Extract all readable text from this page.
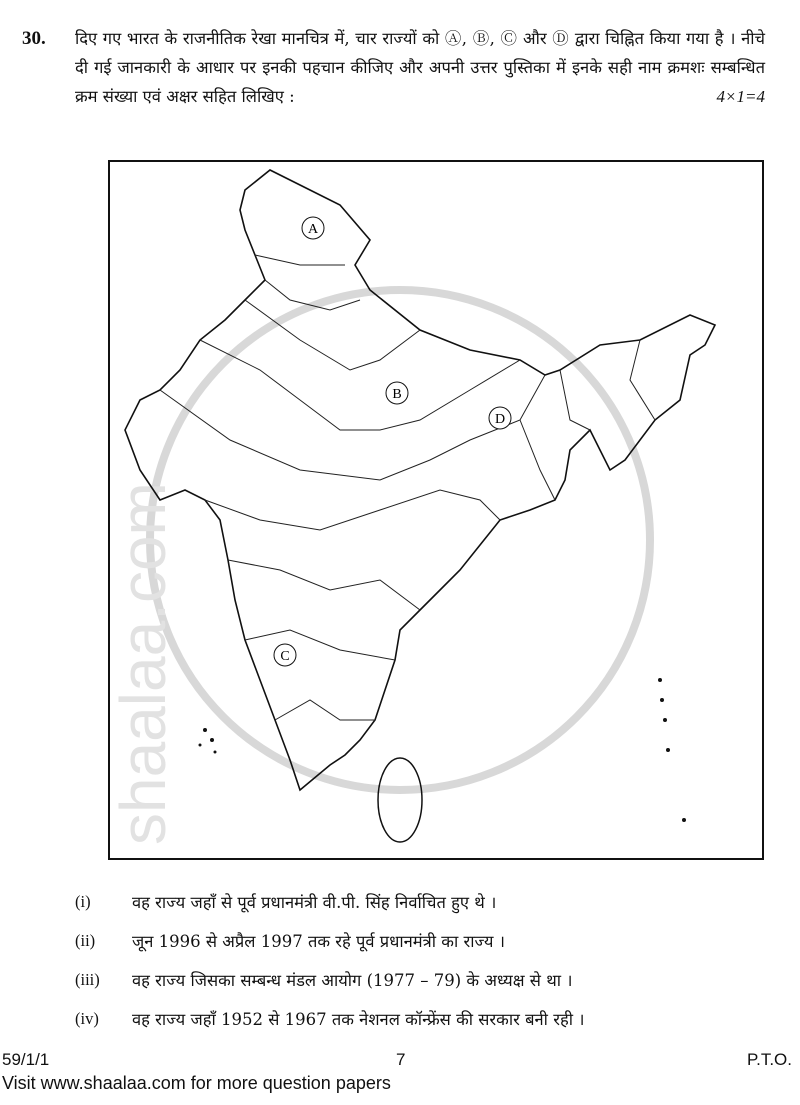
30. दिए गए भारत के राजनीतिक रेखा मानचित्र में, चार राज्यों को Ⓐ, Ⓑ, Ⓒ और Ⓓ द्वारा चिह्नित किया गया है । नीचे दी गई जानकारी के आधार पर इनकी पहचान कीजिए और अपनी उत्तर पुस्तिका में इनके सही नाम क्रमशः सम्बन्धित क्रम संख्या एवं अक्षर सहित लिखिए :	4×1=4
shaalaa.com
A
B
C
D
(i)	वह राज्य जहाँ से पूर्व प्रधानमंत्री वी.पी. सिंह निर्वाचित हुए थे ।
(ii)	जून 1996 से अप्रैल 1997 तक रहे पूर्व प्रधानमंत्री का राज्य ।
(iii)	वह राज्य जिसका सम्बन्ध मंडल आयोग (1977 – 79) के अध्यक्ष से था ।
(iv)	वह राज्य जहाँ 1952 से 1967 तक नेशनल कॉन्फ्रेंस की सरकार बनी रही ।
59/1/1	7	P.T.O.
Visit www.shaalaa.com for more question papers
